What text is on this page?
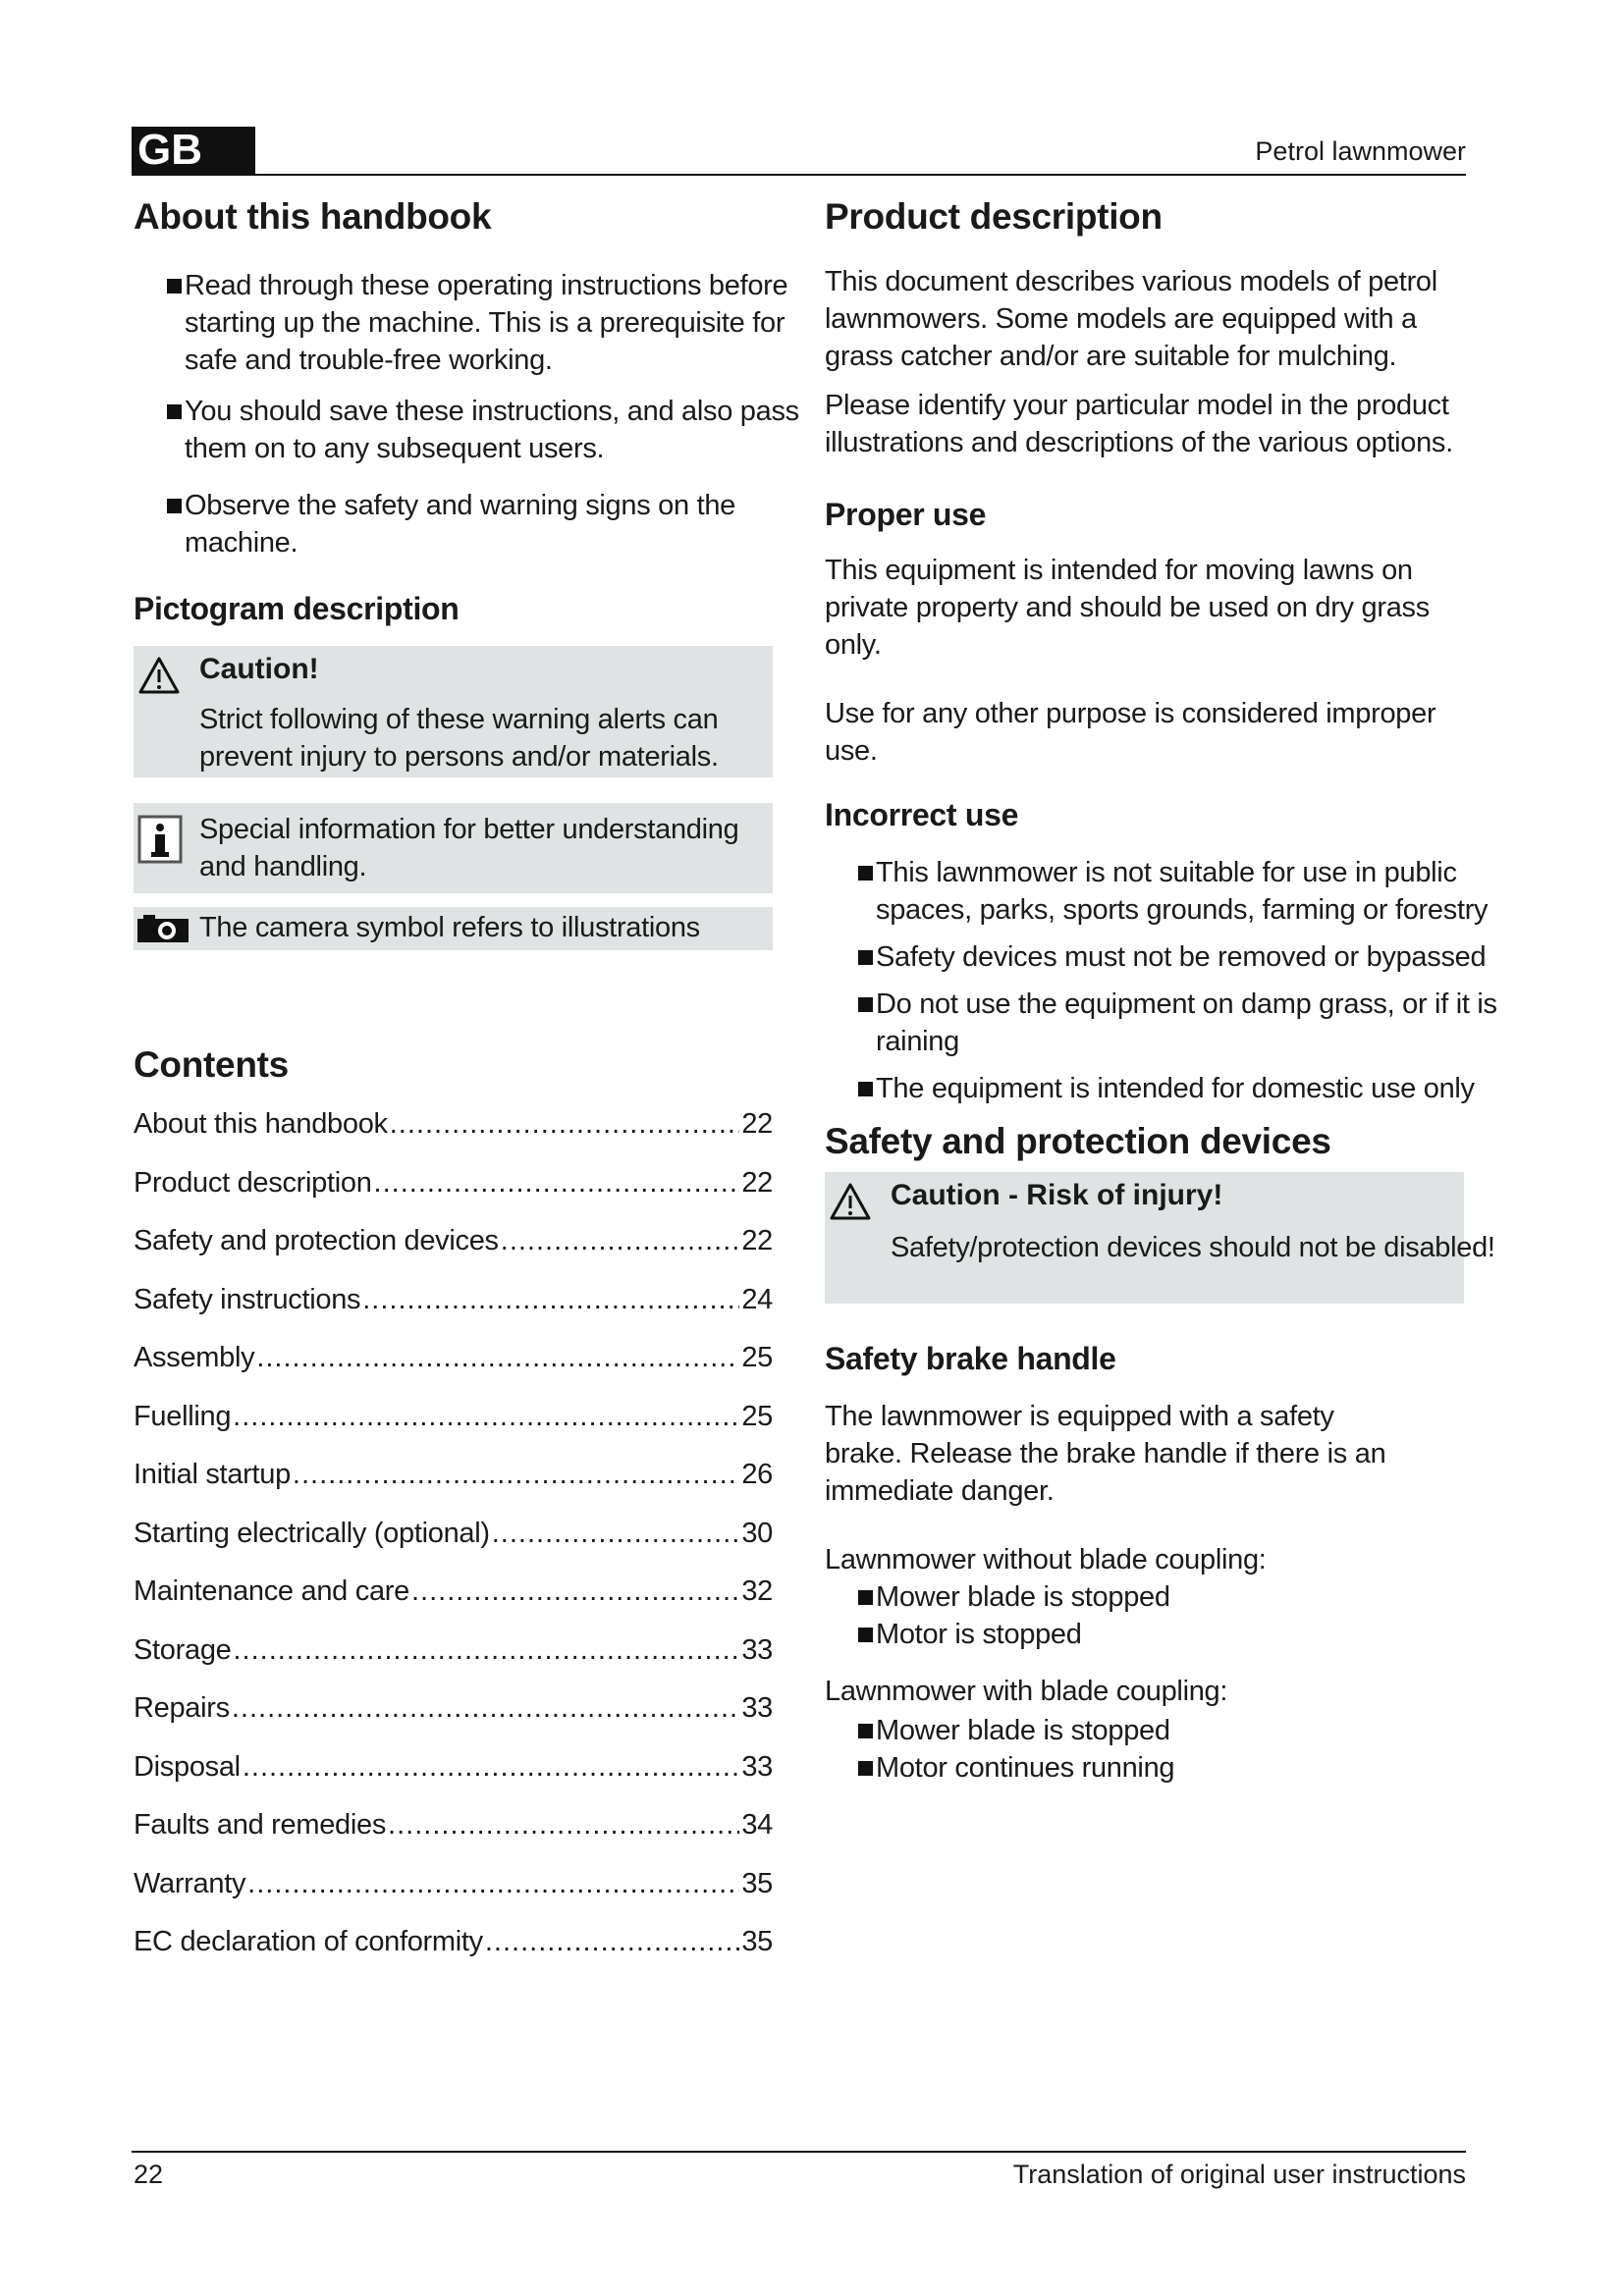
GB	Petrol lawnmower
About this handbook
Read through these operating instructions before starting up the machine. This is a prerequisite for safe and trouble-free working.
You should save these instructions, and also pass them on to any subsequent users.
Observe the safety and warning signs on the machine.
Pictogram description
Caution!
Strict following of these warning alerts can prevent injury to persons and/or materials.
Special information for better understanding and handling.
The camera symbol refers to illustrations
Contents
About this handbook .....	22
Product description .....	22
Safety and protection devices .....	22
Safety instructions .....	24
Assembly .....	25
Fuelling .....	25
Initial startup .....	26
Starting electrically (optional) .....	30
Maintenance and care .....	32
Storage .....	33
Repairs .....	33
Disposal .....	33
Faults and remedies .....	34
Warranty .....	35
EC declaration of conformity .....	35
Product description

This document describes various models of petrol lawnmowers. Some models are equipped with a grass catcher and/or are suitable for mulching.

Please identify your particular model in the product illustrations and descriptions of the various options.

Proper use

This equipment is intended for moving lawns on private property and should be used on dry grass only.

Use for any other purpose is considered improper use.

Incorrect use
This lawnmower is not suitable for use in public spaces, parks, sports grounds, farming or forestry
Safety devices must not be removed or bypassed
Do not use the equipment on damp grass, or if it is raining
The equipment is intended for domestic use only
Safety and protection devices
Caution - Risk of injury!
Safety/protection devices should not be disabled!
Safety brake handle

The lawnmower is equipped with a safety brake. Release the brake handle if there is an immediate danger.

Lawnmower without blade coupling:

Mower blade is stopped
Motor is stopped

Lawnmower with blade coupling:

Mower blade is stopped
Motor continues running
22	Translation of original user instructions
